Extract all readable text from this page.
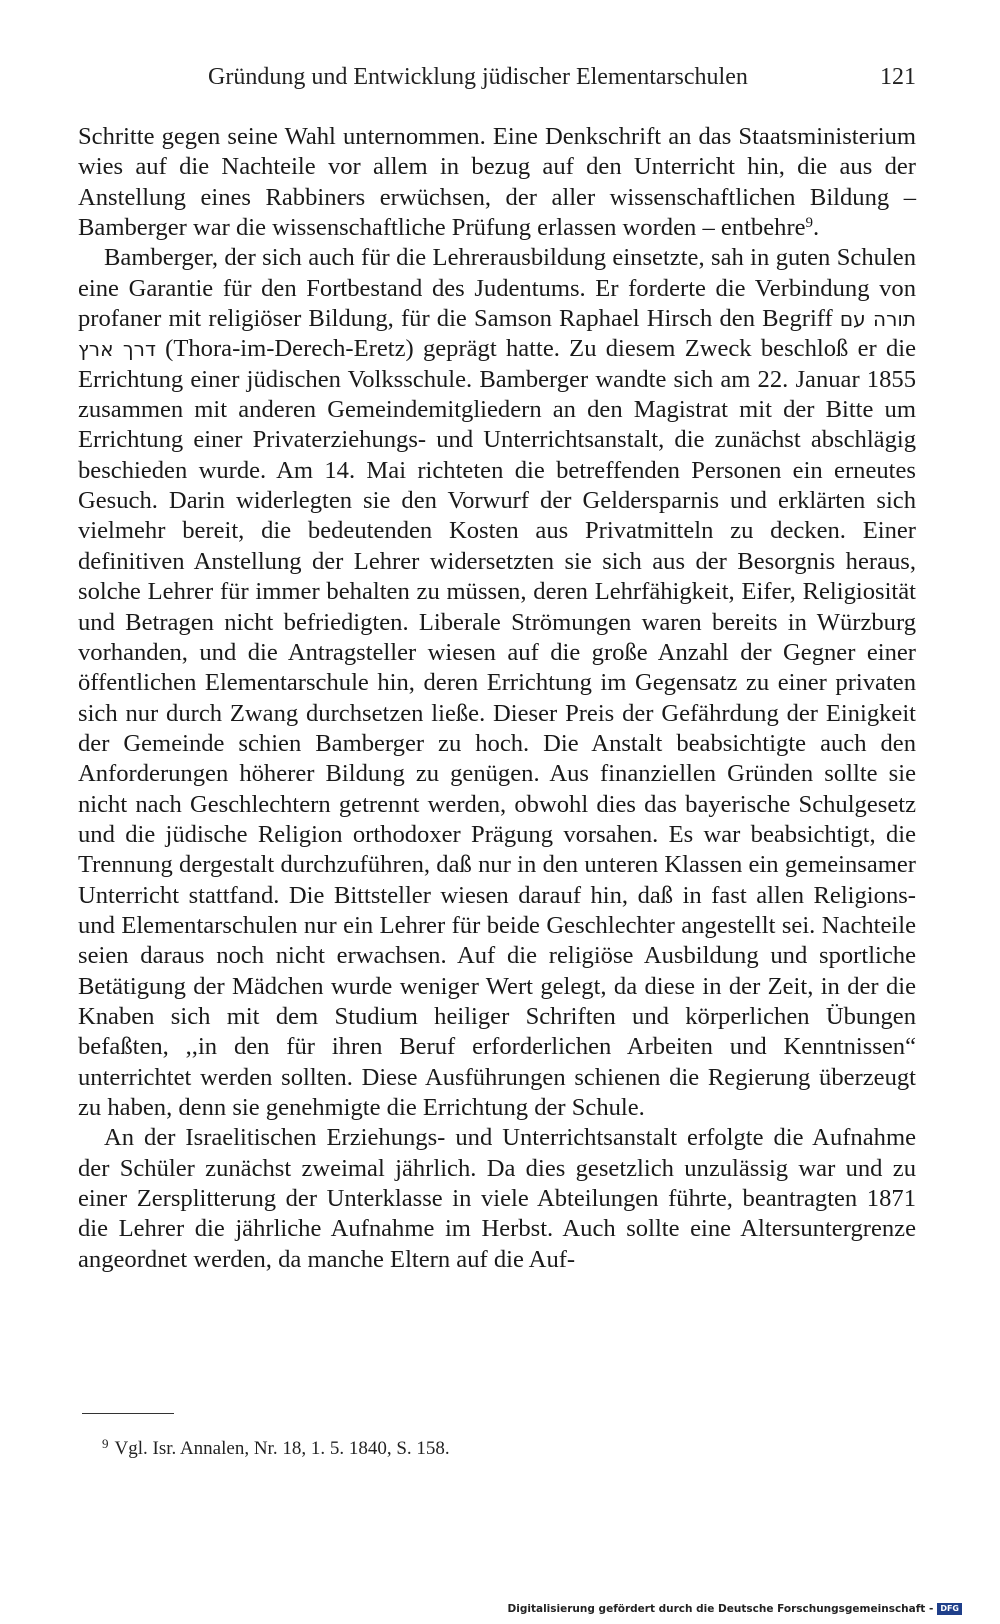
Gründung und Entwicklung jüdischer Elementarschulen	121

Schritte gegen seine Wahl unternommen. Eine Denkschrift an das Staatsministerium wies auf die Nachteile vor allem in bezug auf den Unterricht hin, die aus der Anstellung eines Rabbiners erwüchsen, der aller wissenschaftlichen Bildung – Bamberger war die wissenschaftliche Prüfung erlassen worden – entbehre$^9$.

Bamberger, der sich auch für die Lehrerausbildung einsetzte, sah in guten Schulen eine Garantie für den Fortbestand des Judentums. Er forderte die Verbindung von profaner mit religiöser Bildung, für die Samson Raphael Hirsch den Begriff תורה עם דרך ארץ (Thora-im-Derech-Eretz) geprägt hatte. Zu diesem Zweck beschloß er die Errichtung einer jüdischen Volksschule. Bamberger wandte sich am 22. Januar 1855 zusammen mit anderen Gemeindemitgliedern an den Magistrat mit der Bitte um Errichtung einer Privaterziehungs- und Unterrichtsanstalt, die zunächst abschlägig beschieden wurde. Am 14. Mai richteten die betreffenden Personen ein erneutes Gesuch. Darin widerlegten sie den Vorwurf der Geldersparnis und erklärten sich vielmehr bereit, die bedeutenden Kosten aus Privatmitteln zu decken. Einer definitiven Anstellung der Lehrer widersetzten sie sich aus der Besorgnis heraus, solche Lehrer für immer behalten zu müssen, deren Lehrfähigkeit, Eifer, Religiosität und Betragen nicht befriedigten. Liberale Strömungen waren bereits in Würzburg vorhanden, und die Antragsteller wiesen auf die große Anzahl der Gegner einer öffentlichen Elementarschule hin, deren Errichtung im Gegensatz zu einer privaten sich nur durch Zwang durchsetzen ließe. Dieser Preis der Gefährdung der Einigkeit der Gemeinde schien Bamberger zu hoch. Die Anstalt beabsichtigte auch den Anforderungen höherer Bildung zu genügen. Aus finanziellen Gründen sollte sie nicht nach Geschlechtern getrennt werden, obwohl dies das bayerische Schulgesetz und die jüdische Religion orthodoxer Prägung vorsahen. Es war beabsichtigt, die Trennung dergestalt durchzuführen, daß nur in den unteren Klassen ein gemeinsamer Unterricht stattfand. Die Bittsteller wiesen darauf hin, daß in fast allen Religions- und Elementarschulen nur ein Lehrer für beide Geschlechter angestellt sei. Nachteile seien daraus noch nicht erwachsen. Auf die religiöse Ausbildung und sportliche Betätigung der Mädchen wurde weniger Wert gelegt, da diese in der Zeit, in der die Knaben sich mit dem Studium heiliger Schriften und körperlichen Übungen befaßten, ,,in den für ihren Beruf erforderlichen Arbeiten und Kenntnissen“ unterrichtet werden sollten. Diese Ausführungen schienen die Regierung überzeugt zu haben, denn sie genehmigte die Errichtung der Schule.

An der Israelitischen Erziehungs- und Unterrichtsanstalt erfolgte die Aufnahme der Schüler zunächst zweimal jährlich. Da dies gesetzlich unzulässig war und zu einer Zersplitterung der Unterklasse in viele Abteilungen führte, beantragten 1871 die Lehrer die jährliche Aufnahme im Herbst. Auch sollte eine Altersuntergrenze angeordnet werden, da manche Eltern auf die Auf-

$^9$ Vgl. Isr. Annalen, Nr. 18, 1. 5. 1840, S. 158.
Digitalisierung gefördert durch die Deutsche Forschungsgemeinschaft - DFG
